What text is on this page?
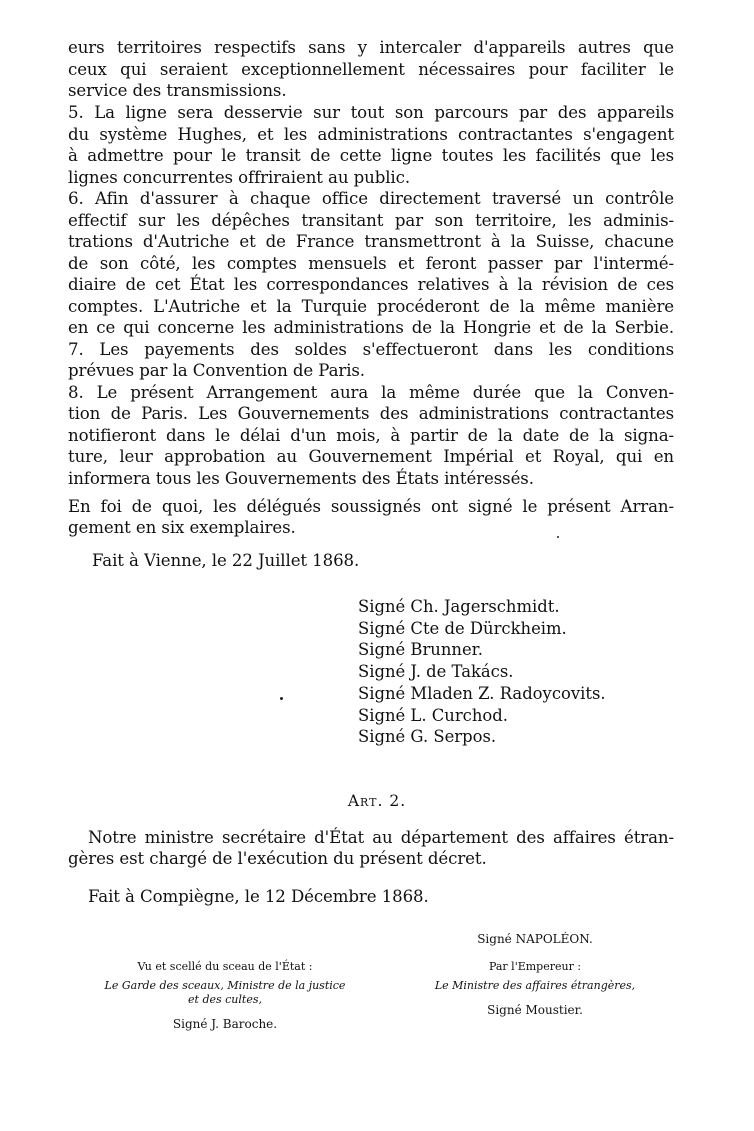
eurs territoires respectifs sans y intercaler d'appareils autres que
ceux qui seraient exceptionnellement nécessaires pour faciliter le
service des transmissions.
5. La ligne sera desservie sur tout son parcours par des appareils
du système Hughes, et les administrations contractantes s'engagent
à admettre pour le transit de cette ligne toutes les facilités que les
lignes concurrentes offriraient au public.
6. Afin d'assurer à chaque office directement traversé un contrôle
effectif sur les dépêches transitant par son territoire, les adminis-
trations d'Autriche et de France transmettront à la Suisse, chacune
de son côté, les comptes mensuels et feront passer par l'intermé-
diaire de cet État les correspondances relatives à la révision de ces
comptes. L'Autriche et la Turquie procéderont de la même manière
en ce qui concerne les administrations de la Hongrie et de la Serbie.
7. Les payements des soldes s'effectueront dans les conditions
prévues par la Convention de Paris.
8. Le présent Arrangement aura la même durée que la Conven-
tion de Paris. Les Gouvernements des administrations contractantes
notifieront dans le délai d'un mois, à partir de la date de la signa-
ture, leur approbation au Gouvernement Impérial et Royal, qui en
informera tous les Gouvernements des États intéressés.
En foi de quoi, les délégués soussignés ont signé le présent Arran-
gement en six exemplaires.
Fait à Vienne, le 22 Juillet 1868.
Signé Ch. Jagerschmidt.
Signé Cte de Dürckheim.
Signé Brunner.
Signé J. de Takács.
Signé Mladen Z. Radoycovits.
Signé L. Curchod.
Signé G. Serpos.
Art. 2.
Notre ministre secrétaire d'État au département des affaires étran-
gères est chargé de l'exécution du présent décret.
Fait à Compiègne, le 12 Décembre 1868.
Signé NAPOLÉON.
Par l'Empereur :
Le Ministre des affaires étrangères,
Signé Moustier.
Vu et scellé du sceau de l'État :
Le Garde des sceaux, Ministre de la justice
et des cultes,
Signé J. Baroche.
